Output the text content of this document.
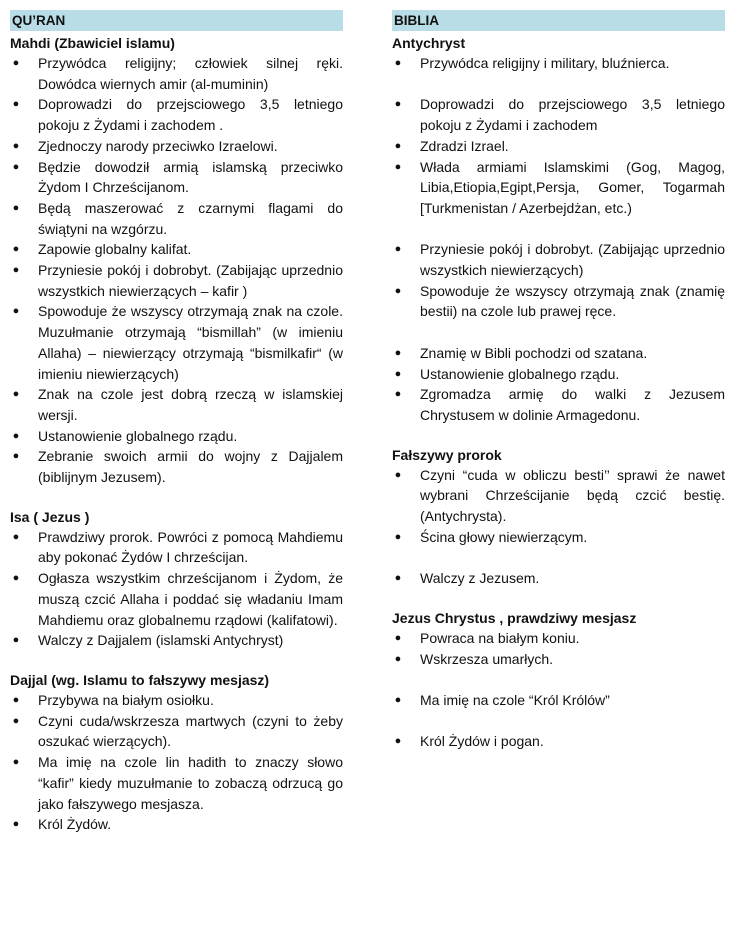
QU’RAN
Mahdi (Zbawiciel islamu)
● Przywódca religijny; człowiek silnej ręki. Dowódca wiernych amir (al-muminin)
● Doprowadzi do przejsciowego 3,5 letniego pokoju z Żydami i zachodem .
● Zjednoczy narody przeciwko Izraelowi.
● Będzie dowodził armią islamską przeciwko Żydom I Chrześcijanom.
● Będą maszerować z czarnymi flagami do świątyni na wzgórzu.
● Zapowie globalny kalifat.
● Przyniesie pokój i dobrobyt. (Zabijając uprzednio wszystkich niewierzących – kafir )
● Spowoduje że wszyscy otrzymają znak na czole. Muzułmanie otrzymają “bismillah” (w imieniu Allaha) – niewierzący otrzymają “bismilkafir“ (w imieniu niewierzących)
● Znak na czole jest dobrą rzeczą w islamskiej wersji.
● Ustanowienie globalnego rządu.
● Zebranie swoich armii do wojny z Dajjalem (biblijnym Jezusem).
Isa ( Jezus )
● Prawdziwy prorok. Powróci z pomocą Mahdiemu aby pokonać Żydów I chrześcijan.
● Ogłasza wszystkim chrześcijanom i Żydom, że muszą czcić Allaha i poddać się władaniu Imam Mahdiemu oraz globalnemu rządowi (kalifatowi).
● Walczy z Dajjalem (islamski Antychryst)
Dajjal (wg. Islamu to fałszywy mesjasz)
● Przybywa na białym osiołku.
● Czyni cuda/wskrzesza martwych (czyni to żeby oszukać wierzących).
● Ma imię na czole lin hadith to znaczy słowo “kafir” kiedy muzułmanie to zobaczą odrzucą go jako fałszywego mesjasza.
● Król Żydów.
BIBLIA
Antychryst
● Przywódca religijny i military, bluźnierca.
● Doprowadzi do przejsciowego 3,5 letniego pokoju z Żydami i zachodem
● Zdradzi Izrael.
● Włada armiami Islamskimi (Gog, Magog, Libia,Etiopia,Egipt,Persja, Gomer, Togarmah [Turkmenistan / Azerbejdżan, etc.)
● Przyniesie pokój i dobrobyt. (Zabijając uprzednio wszystkich niewierzących)
● Spowoduje że wszyscy otrzymają znak (znamię bestii) na czole lub prawej ręce.
● Znamię w Bibli pochodzi od szatana.
● Ustanowienie globalnego rządu.
● Zgromadza armię do walki z Jezusem Chrystusem w dolinie Armagedonu.
Fałszywy prorok
● Czyni “cuda w obliczu besti’’ sprawi że nawet wybrani Chrześcijanie będą czcić bestię. (Antychrysta).
● Ścina głowy niewierzącym.
● Walczy z Jezusem.
Jezus Chrystus , prawdziwy mesjasz
● Powraca na białym koniu.
● Wskrzesza umarłych.
● Ma imię na czole “Król Królów”
● Król Żydów i pogan.
